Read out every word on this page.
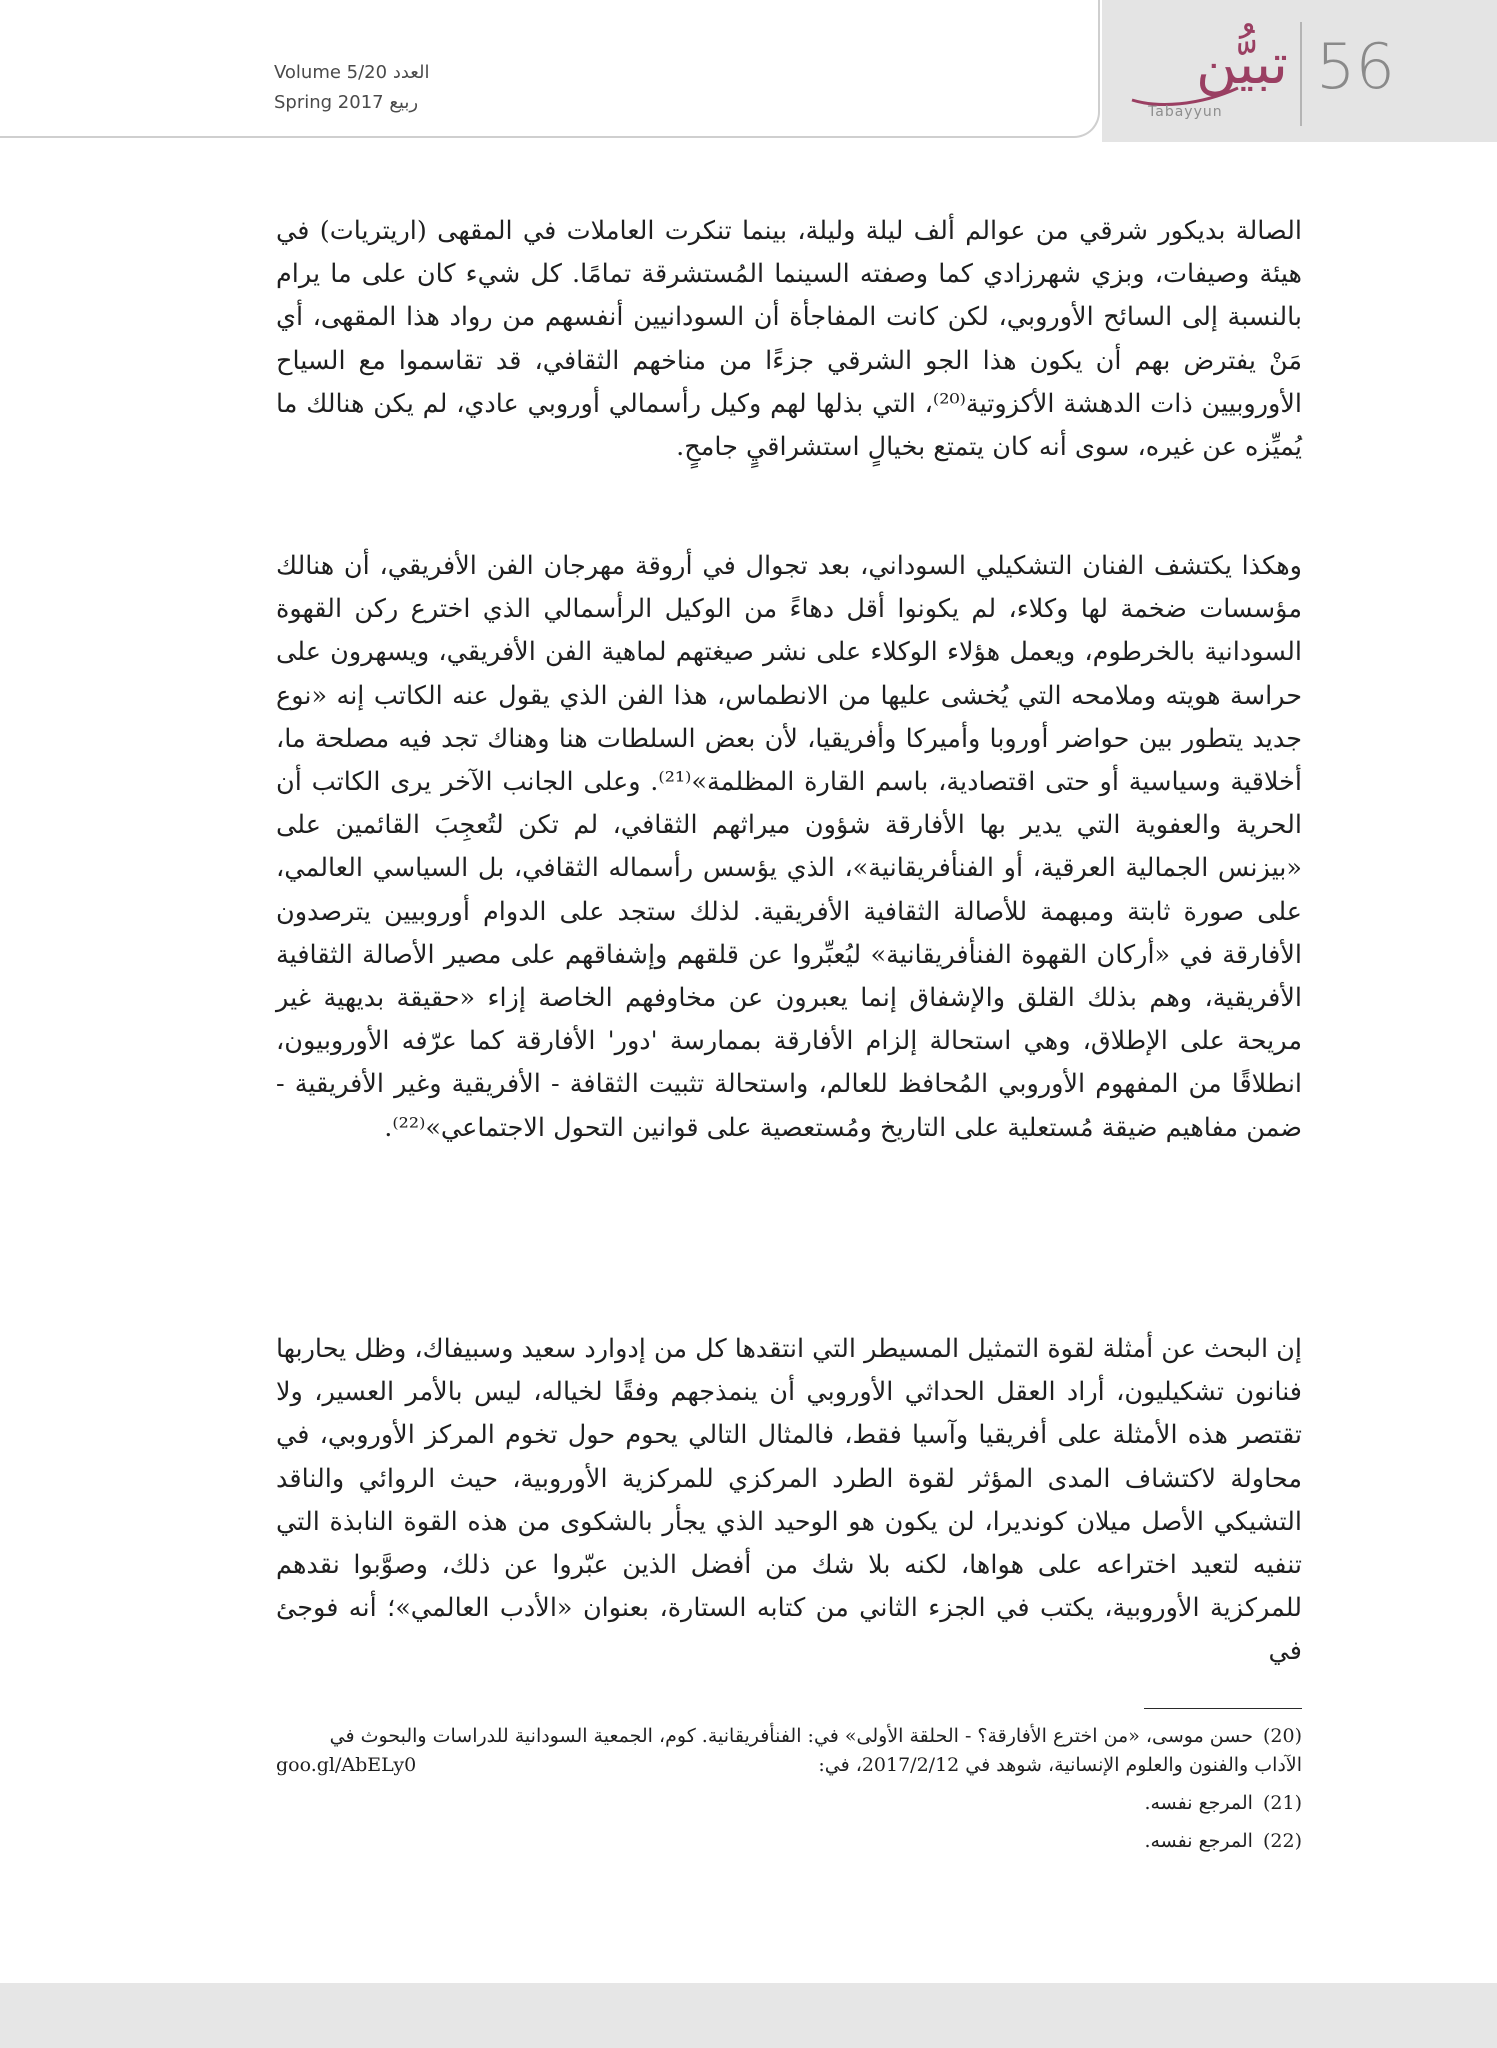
Volume 5/20 العدد
Spring 2017 ربيع
تبيُّن
Tabayyun
56

الصالة بديكور شرقي من عوالم ألف ليلة وليلة، بينما تنكرت العاملات في المقهى (اريتريات) في هيئة وصيفات، وبزي شهرزادي كما وصفته السينما المُستشرقة تمامًا. كل شيء كان على ما يرام بالنسبة إلى السائح الأوروبي، لكن كانت المفاجأة أن السودانيين أنفسهم من رواد هذا المقهى، أي مَنْ يفترض بهم أن يكون هذا الجو الشرقي جزءًا من مناخهم الثقافي، قد تقاسموا مع السياح الأوروبيين ذات الدهشة الأكزوتية⁽²⁰⁾، التي بذلها لهم وكيل رأسمالي أوروبي عادي، لم يكن هنالك ما يُميِّزه عن غيره، سوى أنه كان يتمتع بخيالٍ استشراقيٍ جامحٍ.

وهكذا يكتشف الفنان التشكيلي السوداني، بعد تجوال في أروقة مهرجان الفن الأفريقي، أن هنالك مؤسسات ضخمة لها وكلاء، لم يكونوا أقل دهاءً من الوكيل الرأسمالي الذي اخترع ركن القهوة السودانية بالخرطوم، ويعمل هؤلاء الوكلاء على نشر صيغتهم لماهية الفن الأفريقي، ويسهرون على حراسة هويته وملامحه التي يُخشى عليها من الانطماس، هذا الفن الذي يقول عنه الكاتب إنه «نوع جديد يتطور بين حواضر أوروبا وأميركا وأفريقيا، لأن بعض السلطات هنا وهناك تجد فيه مصلحة ما، أخلاقية وسياسية أو حتى اقتصادية، باسم القارة المظلمة»⁽²¹⁾. وعلى الجانب الآخر يرى الكاتب أن الحرية والعفوية التي يدير بها الأفارقة شؤون ميراثهم الثقافي، لم تكن لتُعجِبَ القائمين على «بيزنس الجمالية العرقية، أو الفنأفريقانية»، الذي يؤسس رأسماله الثقافي، بل السياسي العالمي، على صورة ثابتة ومبهمة للأصالة الثقافية الأفريقية. لذلك ستجد على الدوام أوروبيين يترصدون الأفارقة في «أركان القهوة الفنأفريقانية» ليُعبِّروا عن قلقهم وإشفاقهم على مصير الأصالة الثقافية الأفريقية، وهم بذلك القلق والإشفاق إنما يعبرون عن مخاوفهم الخاصة إزاء «حقيقة بديهية غير مريحة على الإطلاق، وهي استحالة إلزام الأفارقة بممارسة 'دور' الأفارقة كما عرّفه الأوروبيون، انطلاقًا من المفهوم الأوروبي المُحافظ للعالم، واستحالة تثبيت الثقافة - الأفريقية وغير الأفريقية - ضمن مفاهيم ضيقة مُستعلية على التاريخ ومُستعصية على قوانين التحول الاجتماعي»⁽²²⁾.

إن البحث عن أمثلة لقوة التمثيل المسيطر التي انتقدها كل من إدوارد سعيد وسبيفاك، وظل يحاربها فنانون تشكيليون، أراد العقل الحداثي الأوروبي أن ينمذجهم وفقًا لخياله، ليس بالأمر العسير، ولا تقتصر هذه الأمثلة على أفريقيا وآسيا فقط، فالمثال التالي يحوم حول تخوم المركز الأوروبي، في محاولة لاكتشاف المدى المؤثر لقوة الطرد المركزي للمركزية الأوروبية، حيث الروائي والناقد التشيكي الأصل ميلان كونديرا، لن يكون هو الوحيد الذي يجأر بالشكوى من هذه القوة النابذة التي تنفيه لتعيد اختراعه على هواها، لكنه بلا شك من أفضل الذين عبّروا عن ذلك، وصوَّبوا نقدهم للمركزية الأوروبية، يكتب في الجزء الثاني من كتابه الستارة، بعنوان «الأدب العالمي»؛ أنه فوجئ في

(20)حسن موسى، «من اخترع الأفارقة؟ - الحلقة الأولى» في: الفنأفريقانية. كوم، الجمعية السودانية للدراسات والبحوث في الآداب والفنون والعلوم الإنسانية، شوهد في 2017/2/12، في:
goo.gl/AbELy0
(21)المرجع نفسه.
(22)المرجع نفسه.
